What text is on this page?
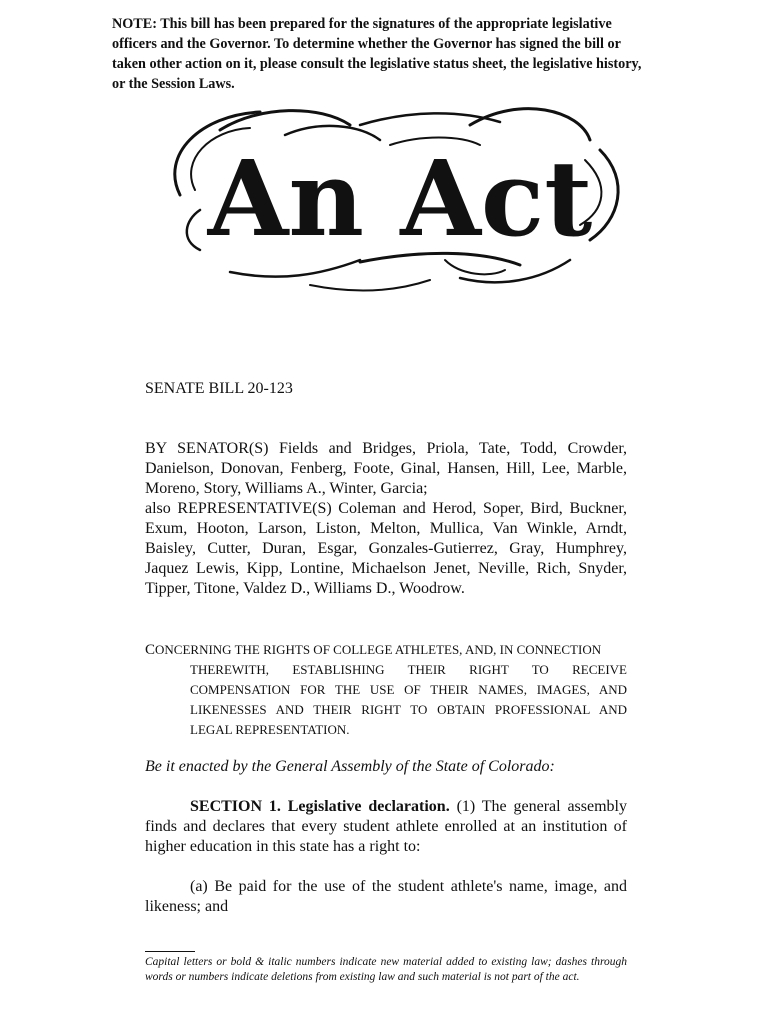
NOTE: This bill has been prepared for the signatures of the appropriate legislative officers and the Governor. To determine whether the Governor has signed the bill or taken other action on it, please consult the legislative status sheet, the legislative history, or the Session Laws.

An Act

SENATE BILL 20-123

BY SENATOR(S) Fields and Bridges, Priola, Tate, Todd, Crowder, Danielson, Donovan, Fenberg, Foote, Ginal, Hansen, Hill, Lee, Marble, Moreno, Story, Williams A., Winter, Garcia;

also REPRESENTATIVE(S) Coleman and Herod, Soper, Bird, Buckner, Exum, Hooton, Larson, Liston, Melton, Mullica, Van Winkle, Arndt, Baisley, Cutter, Duran, Esgar, Gonzales-Gutierrez, Gray, Humphrey, Jaquez Lewis, Kipp, Lontine, Michaelson Jenet, Neville, Rich, Snyder, Tipper, Titone, Valdez D., Williams D., Woodrow.

CONCERNING THE RIGHTS OF COLLEGE ATHLETES, AND, IN CONNECTION
THEREWITH, ESTABLISHING THEIR RIGHT TO RECEIVE COMPENSATION FOR THE USE OF THEIR NAMES, IMAGES, AND LIKENESSES AND THEIR RIGHT TO OBTAIN PROFESSIONAL AND LEGAL REPRESENTATION.

Be it enacted by the General Assembly of the State of Colorado:

SECTION 1. Legislative declaration. (1) The general assembly finds and declares that every student athlete enrolled at an institution of higher education in this state has a right to:

(a) Be paid for the use of the student athlete's name, image, and likeness; and

Capital letters or bold & italic numbers indicate new material added to existing law; dashes through words or numbers indicate deletions from existing law and such material is not part of the act.
